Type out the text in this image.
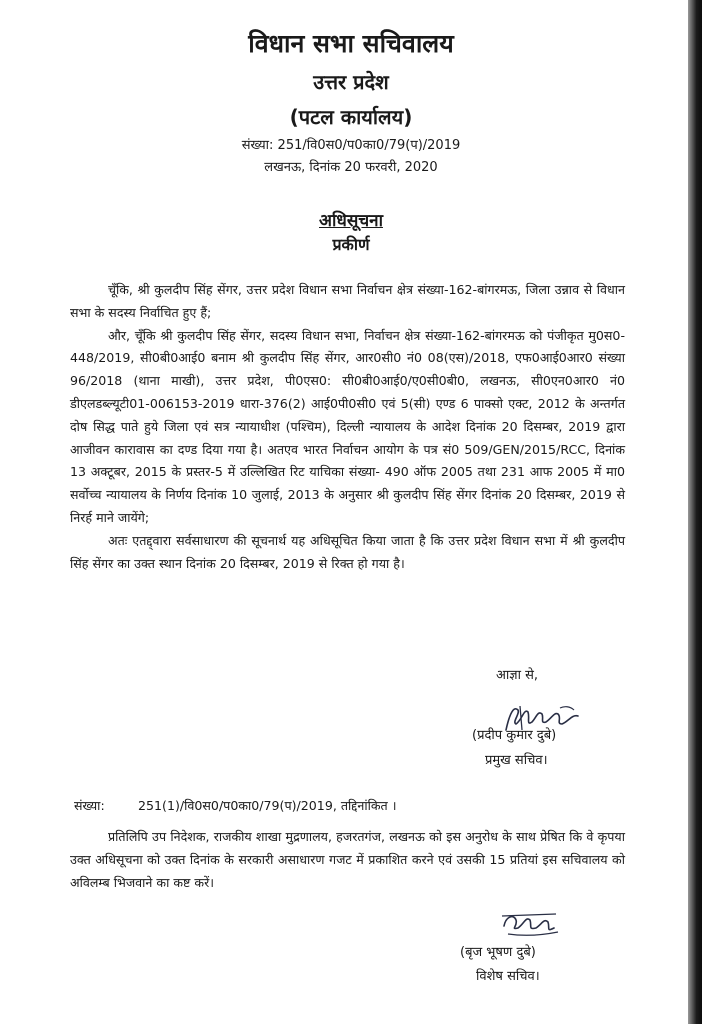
विधान सभा सचिवालय
उत्तर प्रदेश
(पटल कार्यालय)
संख्या: 251/वि0स0/प0का0/79(प)/2019
लखनऊ, दिनांक 20 फरवरी, 2020
अधिसूचना
प्रकीर्ण

चूँकि, श्री कुलदीप सिंह सेंगर, उत्तर प्रदेश विधान सभा निर्वाचन क्षेत्र संख्या-162-बांगरमऊ, जिला उन्नाव से विधान सभा के सदस्य निर्वाचित हुए हैं;

और, चूँकि श्री कुलदीप सिंह सेंगर, सदस्य विधान सभा, निर्वाचन क्षेत्र संख्या-162-बांगरमऊ को पंजीकृत मु0स0-448/2019, सी0बी0आई0 बनाम श्री कुलदीप सिंह सेंगर, आर0सी0 नं0 08(एस)/2018, एफ0आई0आर0 संख्या 96/2018 (थाना माखी), उत्तर प्रदेश, पी0एस0: सी0बी0आई0/ए0सी0बी0, लखनऊ, सी0एन0आर0 नं0 डीएलडब्ल्यूटी01-006153-2019 धारा-376(2) आई0पी0सी0 एवं 5(सी) एण्ड 6 पाक्सो एक्ट, 2012 के अन्तर्गत दोष सिद्ध पाते हुये जिला एवं सत्र न्यायाधीश (पश्चिम), दिल्ली न्यायालय के आदेश दिनांक 20 दिसम्बर, 2019 द्वारा आजीवन कारावास का दण्ड दिया गया है। अतएव भारत निर्वाचन आयोग के पत्र सं0 509/GEN/2015/RCC, दिनांक 13 अक्टूबर, 2015 के प्रस्तर-5 में उल्लिखित रिट याचिका संख्या- 490 ऑफ 2005 तथा 231 आफ 2005 में मा0 सर्वोच्च न्यायालय के निर्णय दिनांक 10 जुलाई, 2013 के अनुसार श्री कुलदीप सिंह सेंगर दिनांक 20 दिसम्बर, 2019 से निरर्ह माने जायेंगे;

अतः एतद्द्वारा सर्वसाधारण की सूचनार्थ यह अधिसूचित किया जाता है कि उत्तर प्रदेश विधान सभा में श्री कुलदीप सिंह सेंगर का उक्त स्थान दिनांक 20 दिसम्बर, 2019 से रिक्त हो गया है।

आज्ञा से,
(प्रदीप कुमार दुबे)
प्रमुख सचिव।
संख्या:	251(1)/वि0स0/प0का0/79(प)/2019, तद्दिनांकित ।

प्रतिलिपि उप निदेशक, राजकीय शाखा मुद्रणालय, हजरतगंज, लखनऊ को इस अनुरोध के साथ प्रेषित कि वे कृपया उक्त अधिसूचना को उक्त दिनांक के सरकारी असाधारण गजट में प्रकाशित करने एवं उसकी 15 प्रतियां इस सचिवालय को अविलम्ब भिजवाने का कष्ट करें।

(बृज भूषण दुबे)
विशेष सचिव।
